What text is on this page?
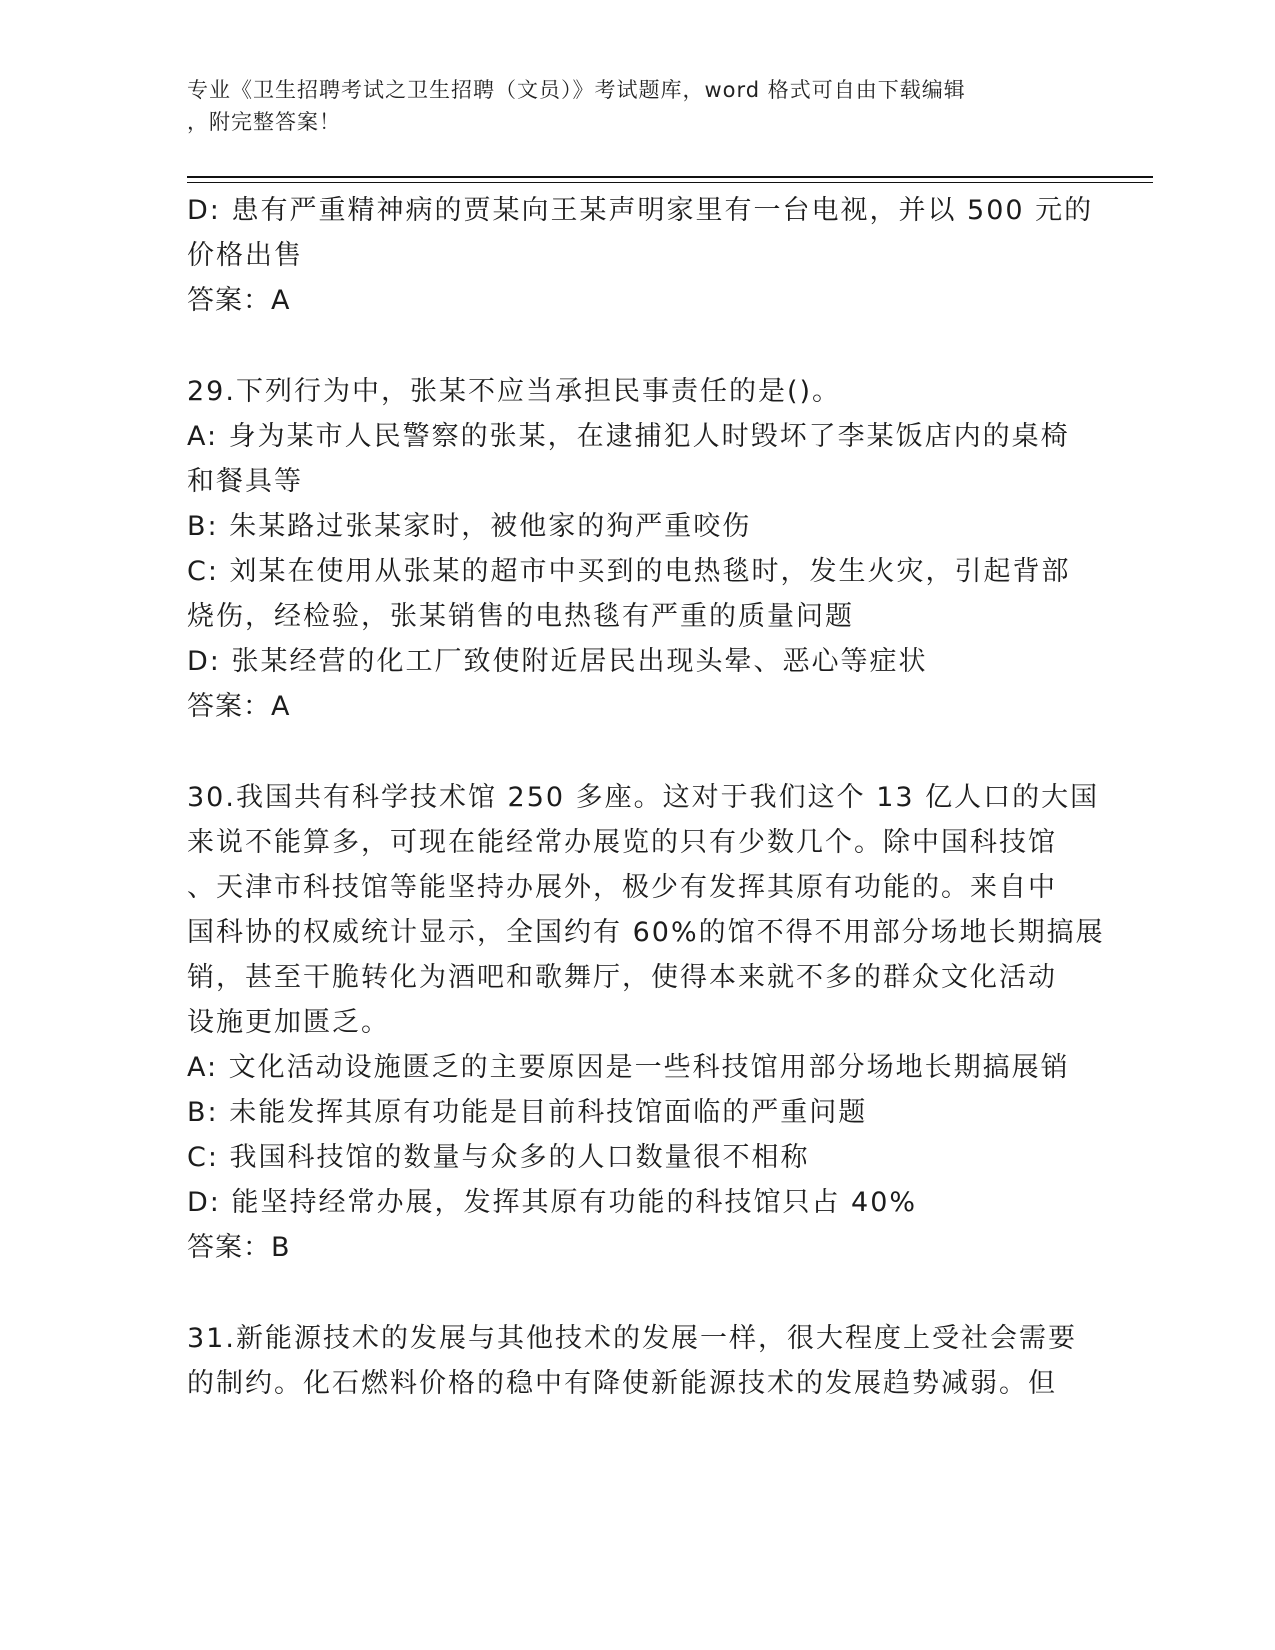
专业《卫生招聘考试之卫生招聘（文员）》考试题库，word 格式可自由下载编辑
，附完整答案！
D: 患有严重精神病的贾某向王某声明家里有一台电视，并以 500 元的
价格出售
答案：A
29.下列行为中，张某不应当承担民事责任的是()。
A: 身为某市人民警察的张某，在逮捕犯人时毁坏了李某饭店内的桌椅
和餐具等
B: 朱某路过张某家时，被他家的狗严重咬伤
C: 刘某在使用从张某的超市中买到的电热毯时，发生火灾，引起背部
烧伤，经检验，张某销售的电热毯有严重的质量问题
D: 张某经营的化工厂致使附近居民出现头晕、恶心等症状
答案：A
30.我国共有科学技术馆 250 多座。这对于我们这个 13 亿人口的大国
来说不能算多，可现在能经常办展览的只有少数几个。除中国科技馆
、天津市科技馆等能坚持办展外，极少有发挥其原有功能的。来自中
国科协的权威统计显示，全国约有 60%的馆不得不用部分场地长期搞展
销，甚至干脆转化为酒吧和歌舞厅，使得本来就不多的群众文化活动
设施更加匮乏。
A: 文化活动设施匮乏的主要原因是一些科技馆用部分场地长期搞展销
B: 未能发挥其原有功能是目前科技馆面临的严重问题
C: 我国科技馆的数量与众多的人口数量很不相称
D: 能坚持经常办展，发挥其原有功能的科技馆只占 40%
答案：B
31.新能源技术的发展与其他技术的发展一样，很大程度上受社会需要
的制约。化石燃料价格的稳中有降使新能源技术的发展趋势减弱。但
